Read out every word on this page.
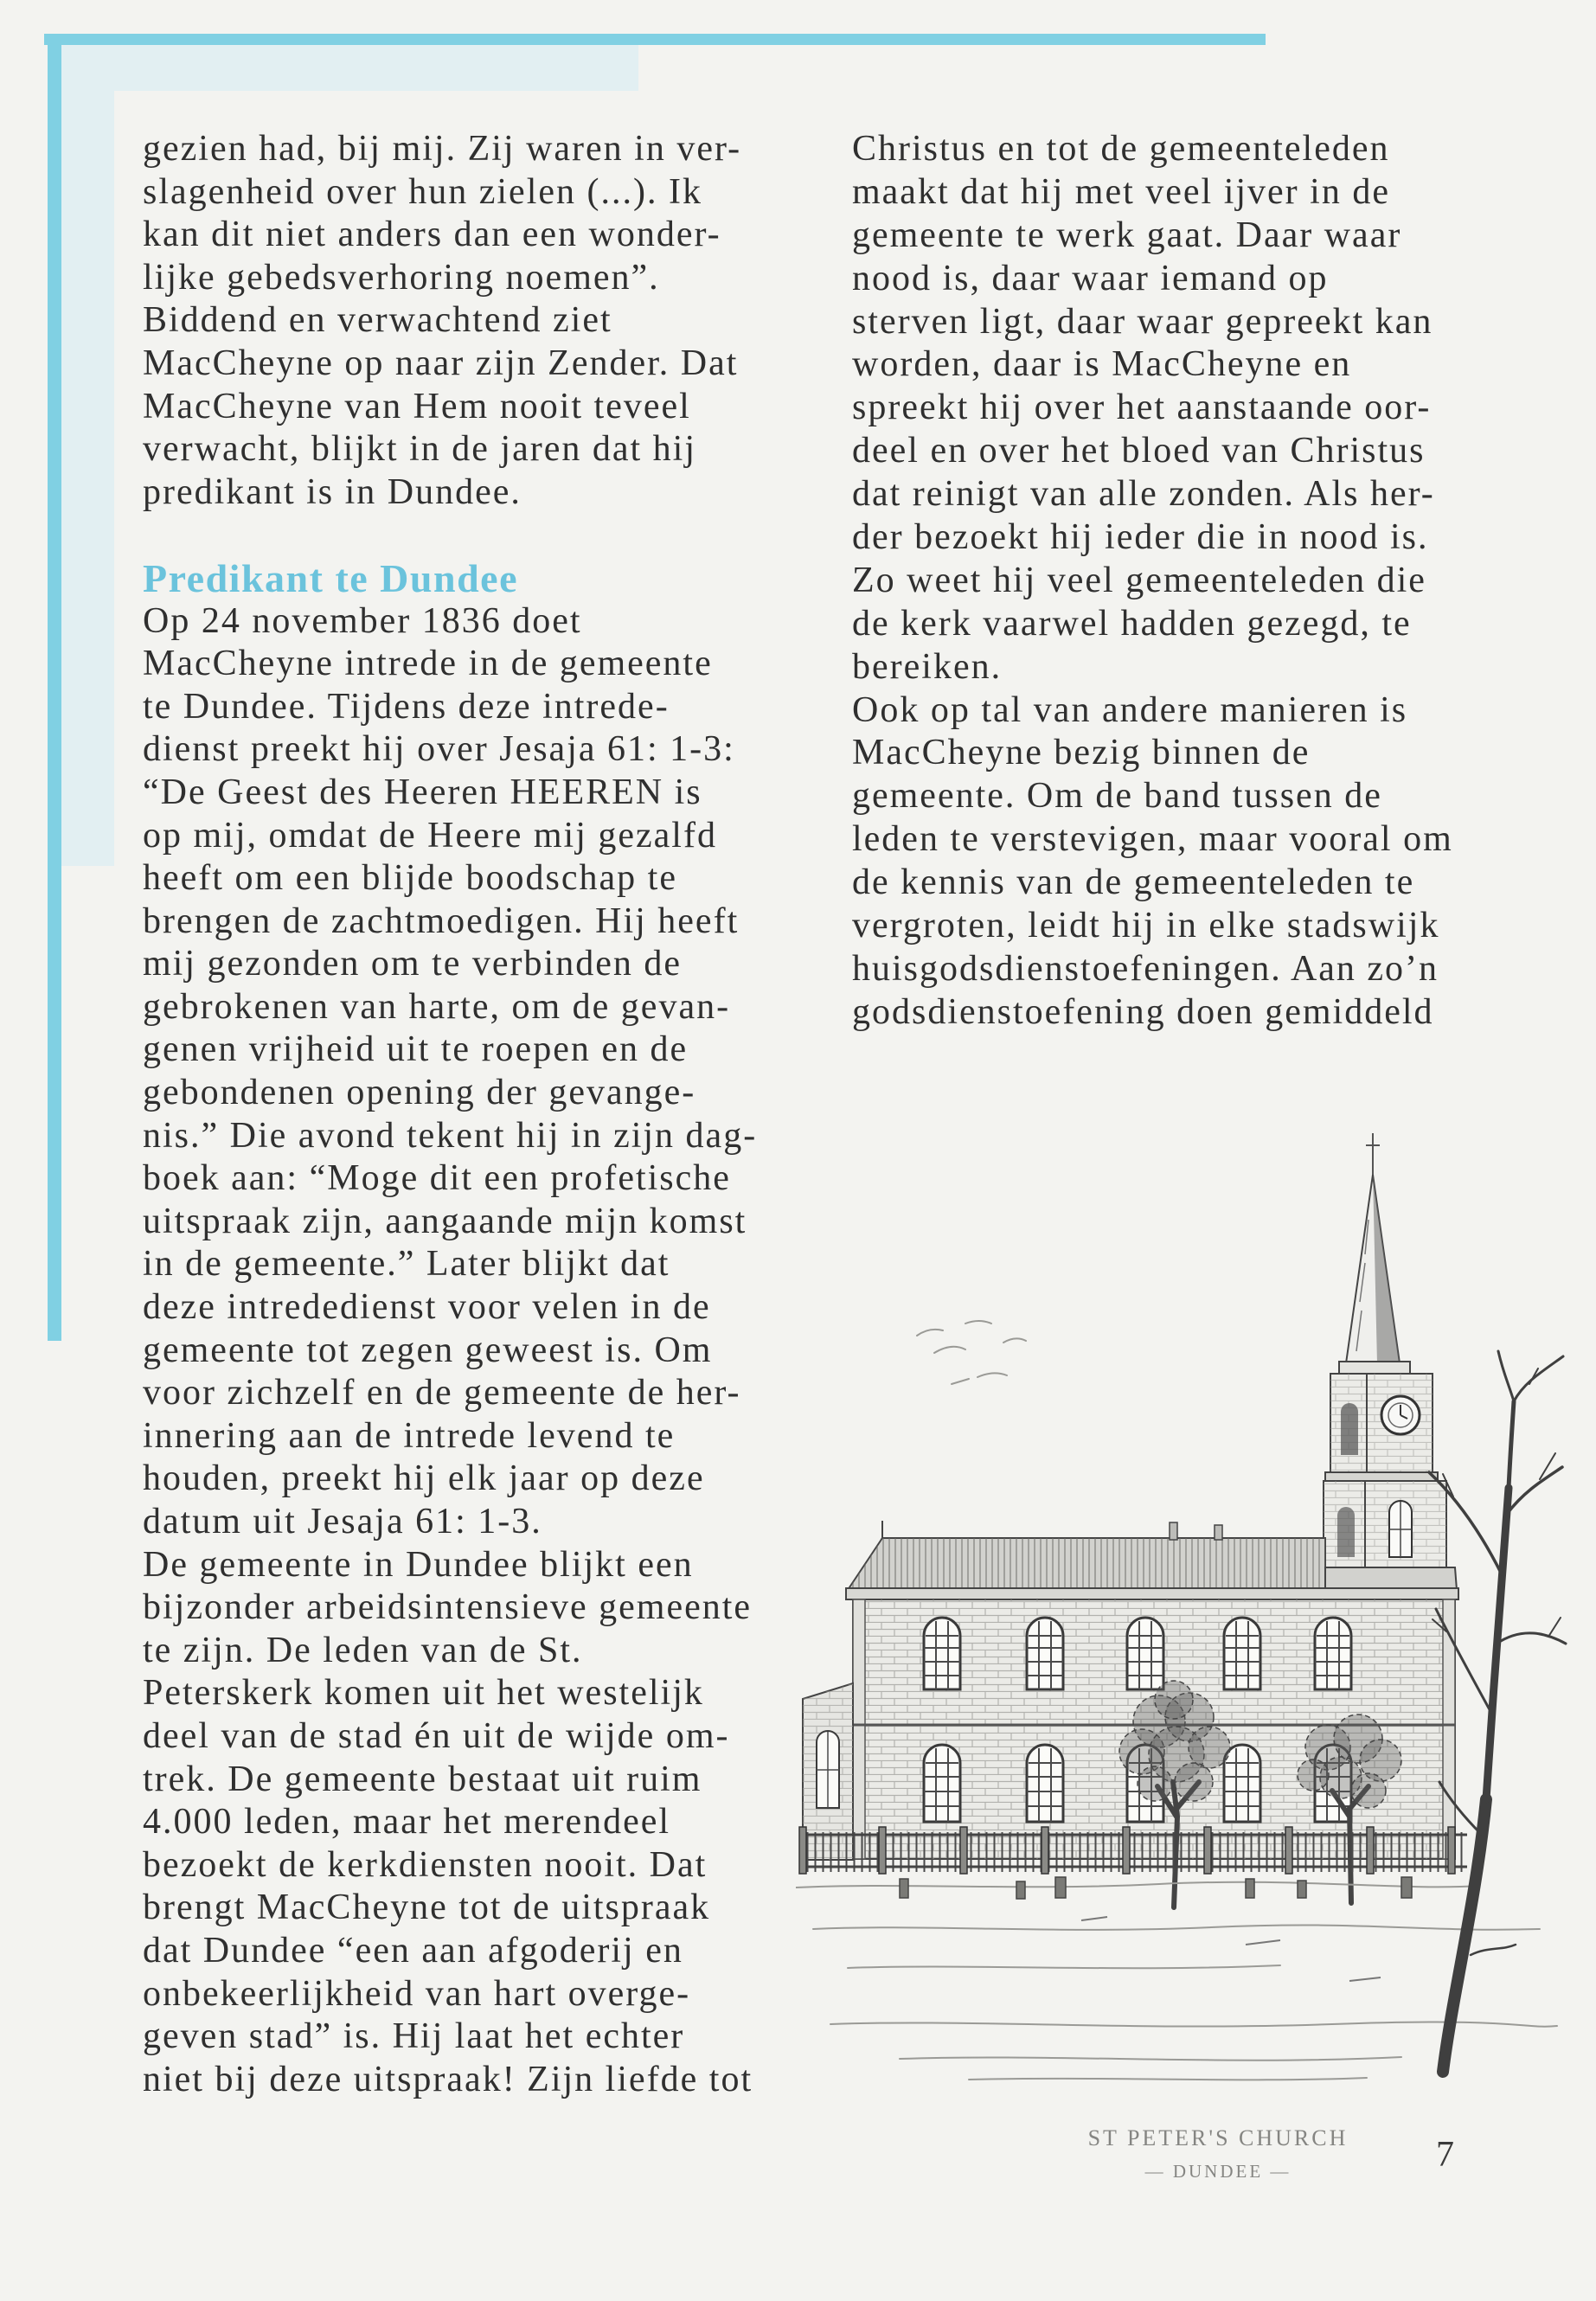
gezien had, bij mij. Zij waren in ver-
slagenheid over hun zielen (...). Ik
kan dit niet anders dan een wonder-
lijke gebedsverhoring noemen”.
Biddend en verwachtend ziet
MacCheyne op naar zijn Zender. Dat
MacCheyne van Hem nooit teveel
verwacht, blijkt in de jaren dat hij
predikant is in Dundee.
Predikant te Dundee
Op 24 november 1836 doet
MacCheyne intrede in de gemeente
te Dundee. Tijdens deze intrede-
dienst preekt hij over Jesaja 61: 1-3:
“De Geest des Heeren HEEREN is
op mij, omdat de Heere mij gezalfd
heeft om een blijde boodschap te
brengen de zachtmoedigen. Hij heeft
mij gezonden om te verbinden de
gebrokenen van harte, om de gevan-
genen vrijheid uit te roepen en de
gebondenen opening der gevange-
nis.” Die avond tekent hij in zijn dag-
boek aan: “Moge dit een profetische
uitspraak zijn, aangaande mijn komst
in de gemeente.” Later blijkt dat
deze intrededienst voor velen in de
gemeente tot zegen geweest is. Om
voor zichzelf en de gemeente de her-
innering aan de intrede levend te
houden, preekt hij elk jaar op deze
datum uit Jesaja 61: 1-3.
De gemeente in Dundee blijkt een
bijzonder arbeidsintensieve gemeente
te zijn. De leden van de St.
Peterskerk komen uit het westelijk
deel van de stad én uit de wijde om-
trek. De gemeente bestaat uit ruim
4.000 leden, maar het merendeel
bezoekt de kerkdiensten nooit. Dat
brengt MacCheyne tot de uitspraak
dat Dundee “een aan afgoderij en
onbekeerlijkheid van hart overge-
geven stad” is. Hij laat het echter
niet bij deze uitspraak! Zijn liefde tot
Christus en tot de gemeenteleden
maakt dat hij met veel ijver in de
gemeente te werk gaat. Daar waar
nood is, daar waar iemand op
sterven ligt, daar waar gepreekt kan
worden, daar is MacCheyne en
spreekt hij over het aanstaande oor-
deel en over het bloed van Christus
dat reinigt van alle zonden. Als her-
der bezoekt hij ieder die in nood is.
Zo weet hij veel gemeenteleden die
de kerk vaarwel hadden gezegd, te
bereiken.
Ook op tal van andere manieren is
MacCheyne bezig binnen de
gemeente. Om de band tussen de
leden te verstevigen, maar vooral om
de kennis van de gemeenteleden te
vergroten, leidt hij in elke stadswijk
huisgodsdienstoefeningen. Aan zo’n
godsdienstoefening doen gemiddeld
ST PETER'S CHURCH
— DUNDEE —	7
